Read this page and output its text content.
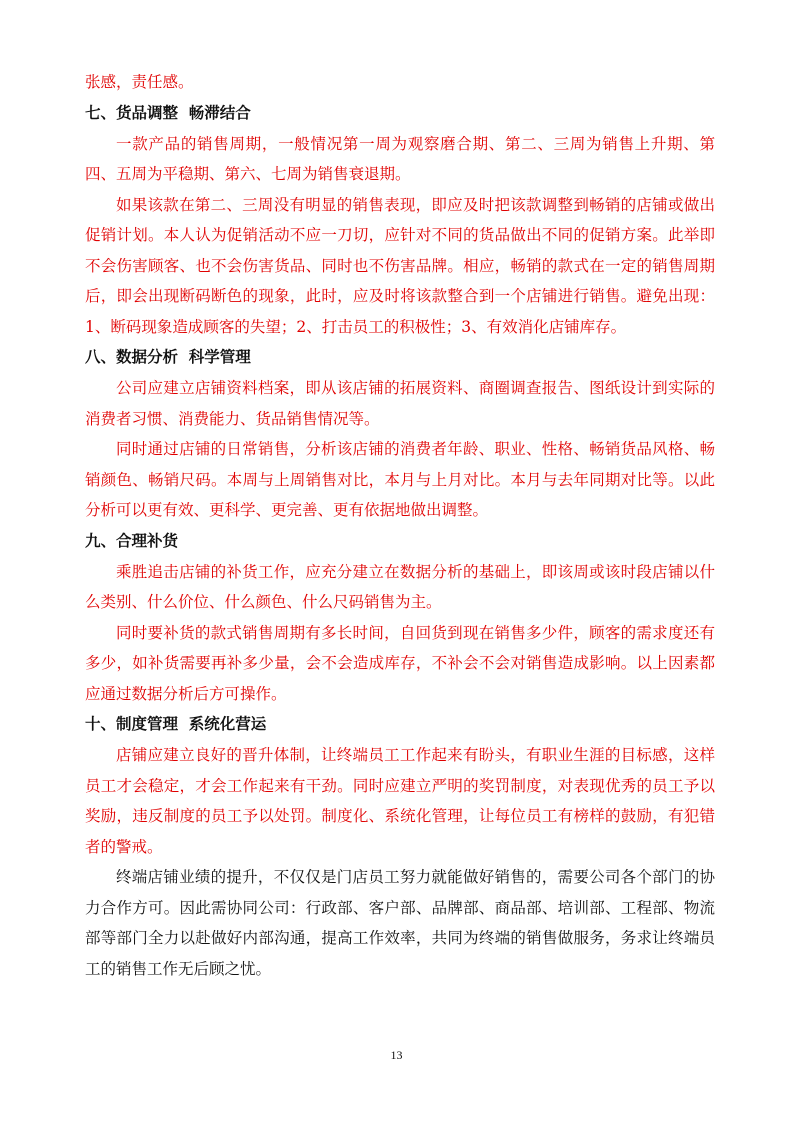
张感，责任感。

七、货品调整  畅滞结合

一款产品的销售周期，一般情况第一周为观察磨合期、第二、三周为销售上升期、第四、五周为平稳期、第六、七周为销售衰退期。

如果该款在第二、三周没有明显的销售表现，即应及时把该款调整到畅销的店铺或做出促销计划。本人认为促销活动不应一刀切，应针对不同的货品做出不同的促销方案。此举即不会伤害顾客、也不会伤害货品、同时也不伤害品牌。相应，畅销的款式在一定的销售周期后，即会出现断码断色的现象，此时，应及时将该款整合到一个店铺进行销售。避免出现：1、断码现象造成顾客的失望；2、打击员工的积极性；3、有效消化店铺库存。

八、数据分析  科学管理

公司应建立店铺资料档案，即从该店铺的拓展资料、商圈调查报告、图纸设计到实际的消费者习惯、消费能力、货品销售情况等。

同时通过店铺的日常销售，分析该店铺的消费者年龄、职业、性格、畅销货品风格、畅销颜色、畅销尺码。本周与上周销售对比，本月与上月对比。本月与去年同期对比等。以此分析可以更有效、更科学、更完善、更有依据地做出调整。

九、合理补货

乘胜追击店铺的补货工作，应充分建立在数据分析的基础上，即该周或该时段店铺以什么类别、什么价位、什么颜色、什么尺码销售为主。

同时要补货的款式销售周期有多长时间，自回货到现在销售多少件，顾客的需求度还有多少，如补货需要再补多少量，会不会造成库存，不补会不会对销售造成影响。以上因素都应通过数据分析后方可操作。

十、制度管理  系统化营运

店铺应建立良好的晋升体制，让终端员工工作起来有盼头，有职业生涯的目标感，这样员工才会稳定，才会工作起来有干劲。同时应建立严明的奖罚制度，对表现优秀的员工予以奖励，违反制度的员工予以处罚。制度化、系统化管理，让每位员工有榜样的鼓励，有犯错者的警戒。

终端店铺业绩的提升，不仅仅是门店员工努力就能做好销售的，需要公司各个部门的协力合作方可。因此需协同公司：行政部、客户部、品牌部、商品部、培训部、工程部、物流部等部门全力以赴做好内部沟通，提高工作效率，共同为终端的销售做服务，务求让终端员工的销售工作无后顾之忧。

13
